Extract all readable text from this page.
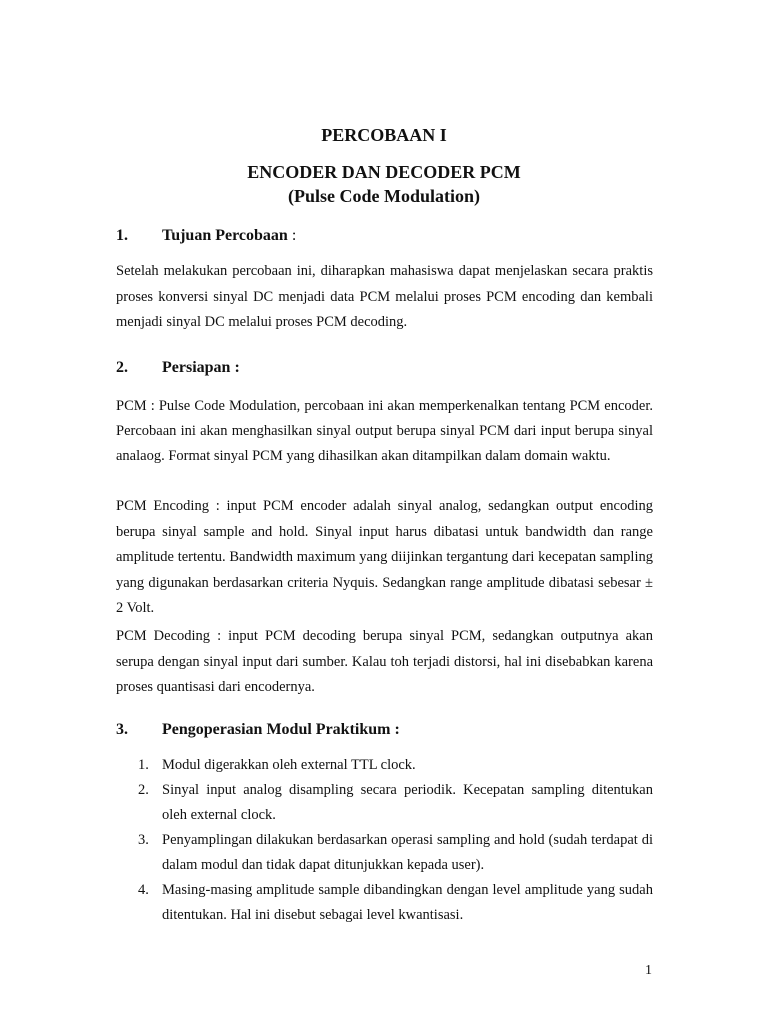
PERCOBAAN I
ENCODER DAN DECODER PCM
(Pulse Code Modulation)
1. Tujuan Percobaan :
Setelah melakukan percobaan ini, diharapkan mahasiswa dapat menjelaskan secara praktis proses konversi sinyal DC menjadi data PCM melalui proses PCM encoding dan kembali menjadi sinyal DC melalui proses PCM decoding.
2. Persiapan :
PCM : Pulse Code Modulation, percobaan ini akan memperkenalkan tentang PCM encoder. Percobaan ini akan menghasilkan sinyal output berupa sinyal PCM dari input berupa sinyal analaog. Format sinyal PCM yang dihasilkan akan ditampilkan dalam domain waktu.
PCM Encoding : input PCM encoder adalah sinyal analog, sedangkan output encoding berupa sinyal sample and hold. Sinyal input harus dibatasi untuk bandwidth dan range amplitude tertentu. Bandwidth maximum yang diijinkan tergantung dari kecepatan sampling yang digunakan berdasarkan criteria Nyquis. Sedangkan range amplitude dibatasi sebesar ± 2 Volt.
PCM Decoding : input PCM decoding berupa sinyal PCM, sedangkan outputnya akan serupa dengan sinyal input dari sumber. Kalau toh terjadi distorsi, hal ini disebabkan karena proses quantisasi dari encodernya.
3. Pengoperasian Modul Praktikum :
1. Modul digerakkan oleh external TTL clock.
2. Sinyal input analog disampling secara periodik. Kecepatan sampling ditentukan oleh external clock.
3. Penyamplingan dilakukan berdasarkan operasi sampling and hold (sudah terdapat di dalam modul dan tidak dapat ditunjukkan kepada user).
4. Masing-masing amplitude sample dibandingkan dengan level amplitude yang sudah ditentukan. Hal ini disebut sebagai level kwantisasi.
1
